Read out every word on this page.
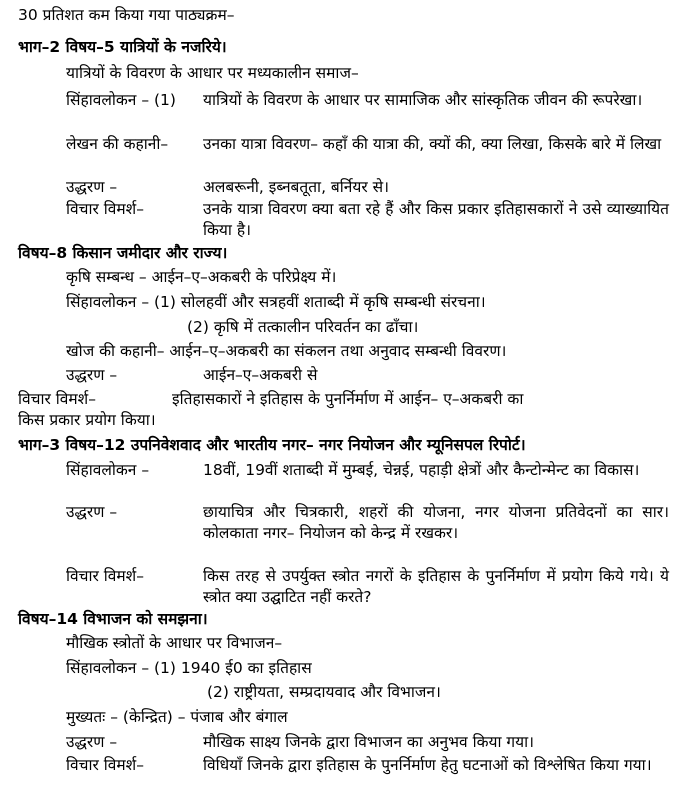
30 प्रतिशत कम किया गया पाठ्यक्रम–
भाग–2 विषय–5 यात्रियों के नजरिये।
यात्रियों के विवरण के आधार पर मध्यकालीन समाज–
सिंहावलोकन – (1) यात्रियों के विवरण के आधार पर सामाजिक और सांस्कृतिक जीवन की रूपरेखा।
लेखन की कहानी– उनका यात्रा विवरण– कहाँ की यात्रा की, क्यों की, क्या लिखा, किसके बारे में लिखा
उद्धरण –	अलबरूनी, इब्नबतूता, बर्नियर से।
विचार विमर्श–	उनके यात्रा विवरण क्या बता रहे हैं और किस प्रकार इतिहासकारों ने उसे व्याख्यायित किया है।
विषय–8 किसान जमीदार और राज्य।
कृषि सम्बन्ध – आईन–ए–अकबरी के परिप्रेक्ष्य में।
सिंहावलोकन – (1) सोलहवीं और सत्रहवीं शताब्दी में कृषि सम्बन्धी संरचना।
(2) कृषि में तत्कालीन परिवर्तन का ढाँचा।
खोज की कहानी– आईन–ए–अकबरी का संकलन तथा अनुवाद सम्बन्धी विवरण।
उद्धरण –	आईन–ए–अकबरी से
विचार विमर्श–	इतिहासकारों ने इतिहास के पुनर्निर्माण में आईन– ए–अकबरी का
किस प्रकार प्रयोग किया।
भाग–3 विषय–12 उपनिवेशवाद और भारतीय नगर– नगर नियोजन और म्यूनिसपल रिपोर्ट।
सिंहावलोकन –	18वीं, 19वीं शताब्दी में मुम्बई, चेन्नई, पहाड़ी क्षेत्रों और कैन्टोन्मेन्ट का विकास।
उद्धरण –	छायाचित्र और चित्रकारी, शहरों की योजना, नगर योजना प्रतिवेदनों का सार। कोलकाता नगर– नियोजन को केन्द्र में रखकर।
विचार विमर्श–	किस तरह से उपर्युक्त स्त्रोत नगरों के इतिहास के पुनर्निर्माण में प्रयोग किये गये। ये स्त्रोत क्या उद्घाटित नहीं करते?
विषय–14 विभाजन को समझना।
मौखिक स्त्रोतों के आधार पर विभाजन–
सिंहावलोकन – (1) 1940 ई0 का इतिहास
(2) राष्ट्रीयता, सम्प्रदायवाद और विभाजन।
मुख्यतः – (केन्द्रित) – पंजाब और बंगाल
उद्धरण –	मौखिक साक्ष्य जिनके द्वारा विभाजन का अनुभव किया गया।
विचार विमर्श–	विधियाँ जिनके द्वारा इतिहास के पुनर्निर्माण हेतु घटनाओं को विश्लेषित किया गया।
